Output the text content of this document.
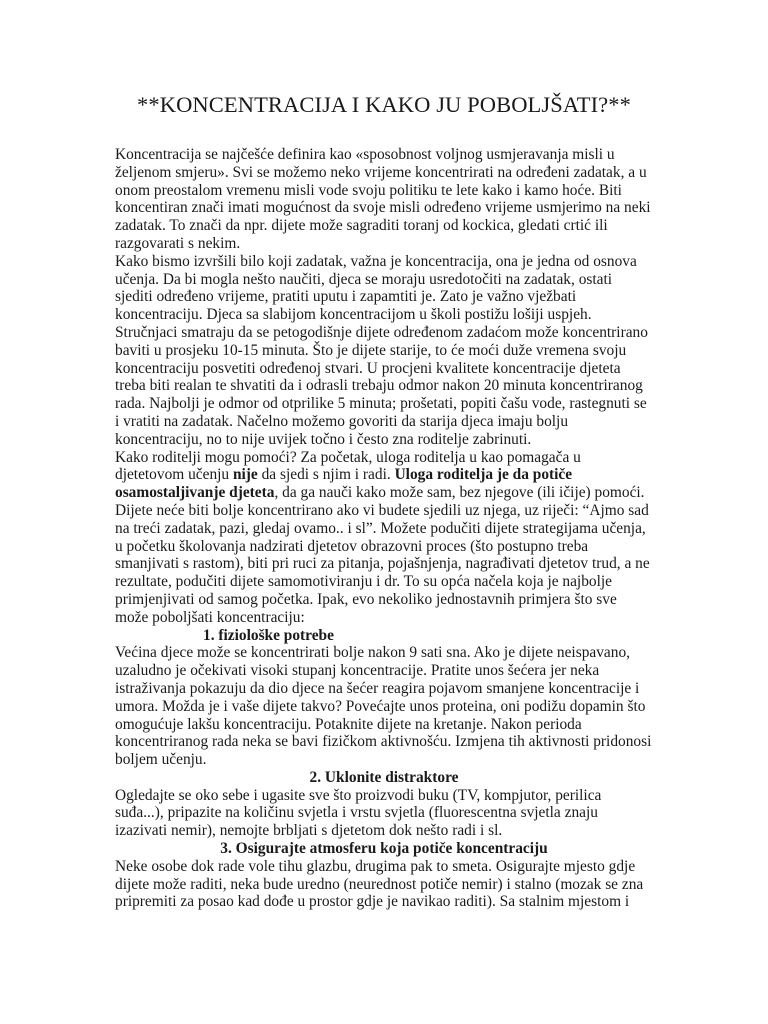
**KONCENTRACIJA I KAKO JU POBOLJŠATI?**

Koncentracija se najčešće definira kao «sposobnost voljnog usmjeravanja misli u željenom smjeru». Svi se možemo neko vrijeme koncentrirati na određeni zadatak, a u onom preostalom vremenu misli vode svoju politiku te lete kako i kamo hoće. Biti koncentiran znači imati mogućnost da svoje misli određeno vrijeme usmjerimo na neki zadatak. To znači da npr. dijete može sagraditi toranj od kockica, gledati crtić ili razgovarati s nekim.

Kako bismo izvršili bilo koji zadatak, važna je koncentracija, ona je jedna od osnova učenja. Da bi mogla nešto naučiti, djeca se moraju usredotočiti na zadatak, ostati sjediti određeno vrijeme, pratiti uputu i zapamtiti je. Zato je važno vježbati koncentraciju. Djeca sa slabijom koncentracijom u školi postižu lošiji uspjeh.

Stručnjaci smatraju da se petogodišnje dijete određenom zadaćom može koncentrirano baviti u prosjeku 10-15 minuta. Što je dijete starije, to će moći duže vremena svoju koncentraciju posvetiti određenoj stvari. U procjeni kvalitete koncentracije djeteta treba biti realan te shvatiti da i odrasli trebaju odmor nakon 20 minuta koncentriranog rada. Najbolji je odmor od otprilike 5 minuta; prošetati, popiti čašu vode, rastegnuti se i vratiti na zadatak. Načelno možemo govoriti da starija djeca imaju bolju koncentraciju, no to nije uvijek točno i često zna roditelje zabrinuti.

Kako roditelji mogu pomoći? Za početak, uloga roditelja u kao pomagača u djetetovom učenju nije da sjedi s njim i radi. Uloga roditelja je da potiče osamostaljivanje djeteta, da ga nauči kako može sam, bez njegove (ili ičije) pomoći. Dijete neće biti bolje koncentrirano ako vi budete sjedili uz njega, uz riječi: “Ajmo sad na treći zadatak, pazi, gledaj ovamo.. i sl”. Možete podučiti dijete strategijama učenja, u početku školovanja nadzirati djetetov obrazovni proces (što postupno treba smanjivati s rastom), biti pri ruci za pitanja, pojašnjenja, nagrađivati djetetov trud, a ne rezultate, podučiti dijete samomotiviranju i dr. To su opća načela koja je najbolje primjenjivati od samog početka. Ipak, evo nekoliko jednostavnih primjera što sve može poboljšati koncentraciju:

1. fiziološke potrebe

Većina djece može se koncentrirati bolje nakon 9 sati sna. Ako je dijete neispavano, uzaludno je očekivati visoki stupanj koncentracije. Pratite unos šećera jer neka istraživanja pokazuju da dio djece na šećer reagira pojavom smanjene koncentracije i umora. Možda je i vaše dijete takvo? Povećajte unos proteina, oni podižu dopamin što omogućuje lakšu koncentraciju. Potaknite dijete na kretanje. Nakon perioda koncentriranog rada neka se bavi fizičkom aktivnošću. Izmjena tih aktivnosti pridonosi boljem učenju.

2. Uklonite distraktore

Ogledajte se oko sebe i ugasite sve što proizvodi buku (TV, kompjutor, perilica suđa...), pripazite na količinu svjetla i vrstu svjetla (fluorescentna svjetla znaju izazivati nemir), nemojte brbljati s djetetom dok nešto radi i sl.

3. Osigurajte atmosferu koja potiče koncentraciju

Neke osobe dok rade vole tihu glazbu, drugima pak to smeta. Osigurajte mjesto gdje dijete može raditi, neka bude uredno (neurednost potiče nemir) i stalno (mozak se zna pripremiti za posao kad dođe u prostor gdje je navikao raditi). Sa stalnim mjestom i
